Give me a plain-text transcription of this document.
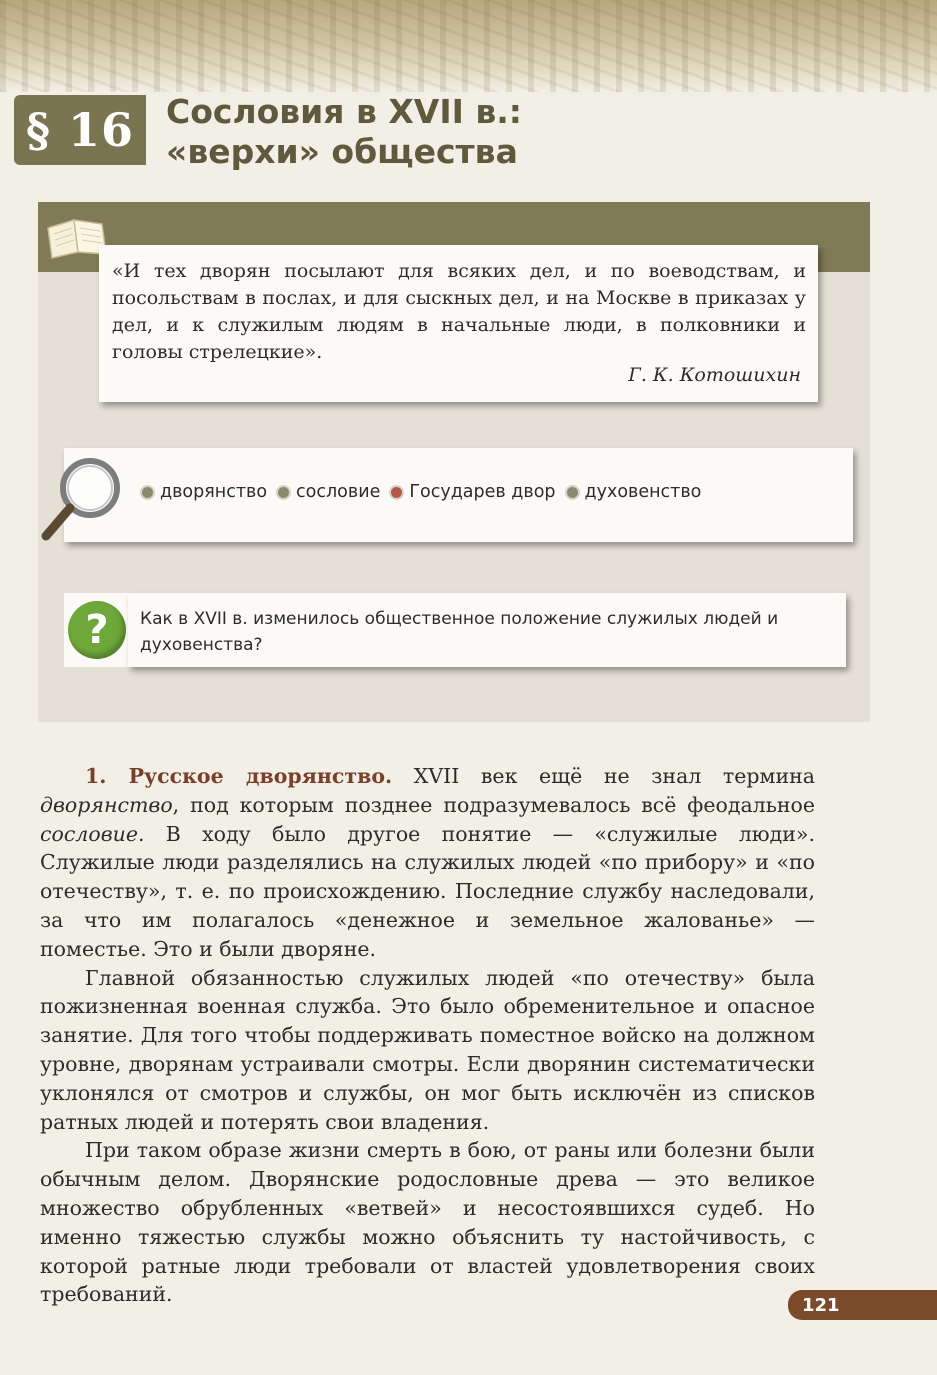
§ 16 Сословия в XVII в.:
«верхи» общества
«И тех дворян посылают для всяких дел, и по воеводствам, и посольствам в послах, и для сыскных дел, и на Москве в приказах у дел, и к служилым людям в начальные люди, в полковники и головы стрелецкие».
Г. К. Котошихин
дворянство сословие Государев двор духовенство
?	Как в XVII в. изменилось общественное положение служилых людей и духовенства?

1. Русское дворянство. XVII век ещё не знал термина дворянство, под которым позднее подразумевалось всё феодальное сословие. В ходу было другое понятие — «служилые люди». Служилые люди разделялись на служилых людей «по прибору» и «по отечеству», т. е. по происхождению. Последние службу наследовали, за что им полагалось «денежное и земельное жалованье» — поместье. Это и были дворяне.

Главной обязанностью служилых людей «по отечеству» была пожизненная военная служба. Это было обременительное и опасное занятие. Для того чтобы поддерживать поместное войско на должном уровне, дворянам устраивали смотры. Если дворянин систематически уклонялся от смотров и службы, он мог быть исключён из списков ратных людей и потерять свои владения.

При таком образе жизни смерть в бою, от раны или болезни были обычным делом. Дворянские родословные древа — это великое множество обрубленных «ветвей» и несостоявшихся судеб. Но именно тяжестью службы можно объяснить ту настойчивость, с которой ратные люди требовали от властей удовлетворения своих требований.	121
